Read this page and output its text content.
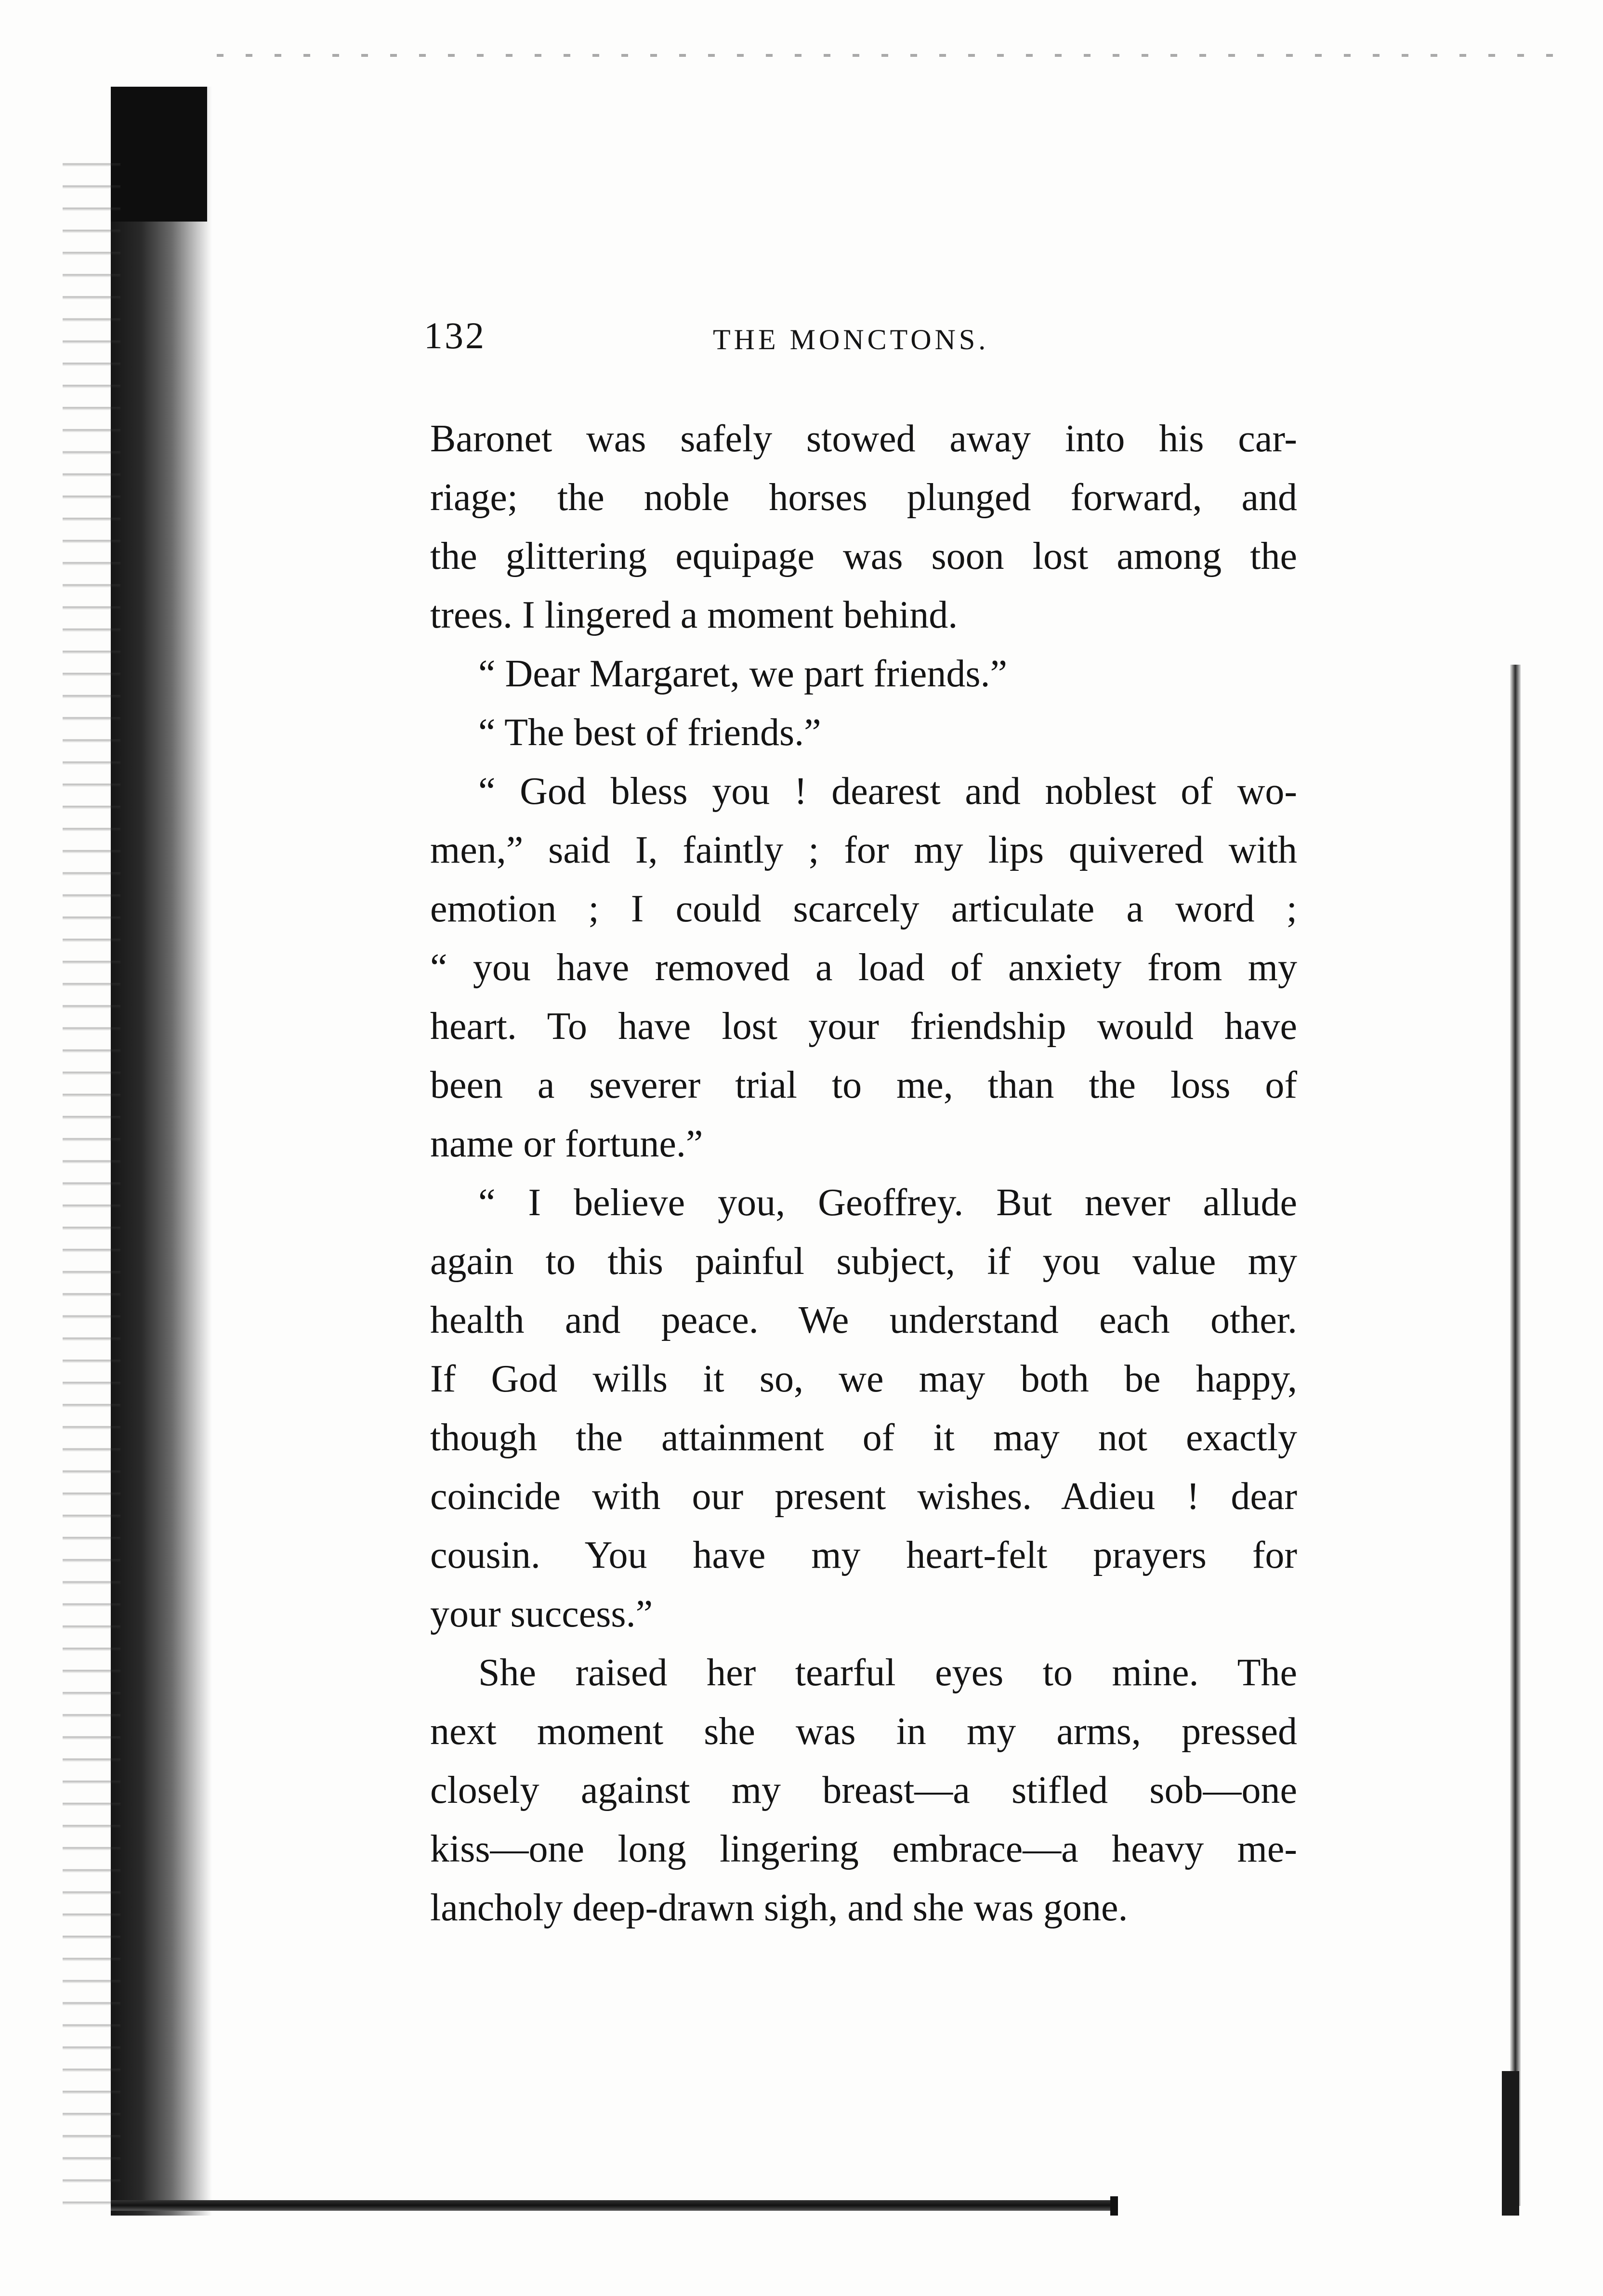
132	THE MONCTONS.
Baronet was safely stowed away into his car-
riage; the noble horses plunged forward, and
the glittering equipage was soon lost among the
trees. I lingered a moment behind.
“ Dear Margaret, we part friends.”
“ The best of friends.”
“ God bless you ! dearest and noblest of wo-
men,” said I, faintly ; for my lips quivered with
emotion ; I could scarcely articulate a word ;
“ you have removed a load of anxiety from my
heart. To have lost your friendship would have
been a severer trial to me, than the loss of
name or fortune.”
“ I believe you, Geoffrey. But never allude
again to this painful subject, if you value my
health and peace. We understand each other.
If God wills it so, we may both be happy,
though the attainment of it may not exactly
coincide with our present wishes. Adieu ! dear
cousin. You have my heart-felt prayers for
your success.”
She raised her tearful eyes to mine. The
next moment she was in my arms, pressed
closely against my breast—a stifled sob—one
kiss—one long lingering embrace—a heavy me-
lancholy deep-drawn sigh, and she was gone.
